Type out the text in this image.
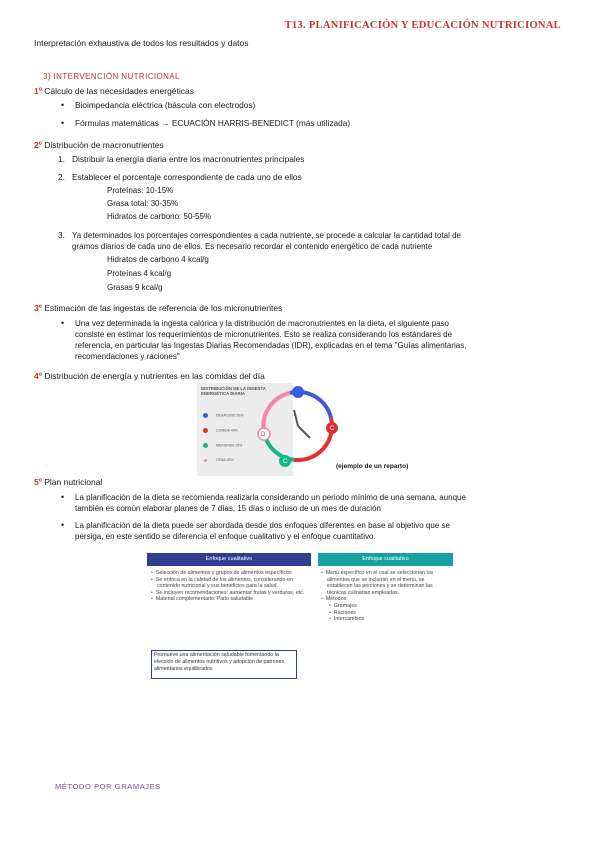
T13. PLANIFICACIÓN Y EDUCACIÓN NUTRICIONAL
Interpretación exhaustiva de todos los resultados y datos
3) INTERVENCIÓN NUTRICIONAL
1º Cálculo de las necesidades energéticas
• Bioimpedancia eléctrica (báscula con electrodos)
• Fórmulas matemáticas → ECUACIÓN HARRIS-BENEDICT (más utilizada)
2º Distribución de macronutrientes
1. Distribuir la energía diaria entre los macronutrientes principales
2. Establecer el porcentaje correspondiente de cada uno de ellos
Proteínas: 10-15%
Grasa total: 30-35%
Hidratos de carbono: 50-55%
3. Ya determinados los porcentajes correspondientes a cada nutriente, se procede a calcular la cantidad total de
gramos diarios de cada uno de ellos. Es necesario recordar el contenido energético de cada nutriente
Hidratos de carbono 4 kcal/g
Proteínas 4 kcal/g
Grasas 9 kcal/g
3º Estimación de las ingestas de referencia de los micronutrientes
• Una vez determinada la ingesta calórica y la distribución de macronutrientes en la dieta, el siguiente paso
consiste en estimar los requerimientos de micronutrientes. Esto se realiza considerando los estándares de
referencia, en particular las Ingestas Diarias Recomendadas (IDR), explicadas en el tema "Guías alimentarias,
recomendaciones y raciones"
4º Distribución de energía y nutrientes en las comidas del día
DISTRIBUCIÓN DE LA INGESTA ENERGÉTICA DIARIA
DESAYUNO 20%
COMIDA 40%
MERIENDA 15%
CENA 25%
D
C
C
(ejemplo de un reparto)
5º Plan nutricional
• La planificación de la dieta se recomienda realizarla considerando un periodo mínimo de una semana, aunque
también es común elaborar planes de 7 días, 15 días o incluso de un mes de duración
• La planificación de la dieta puede ser abordada desde dos enfoques diferentes en base al objetivo que se
persiga, en este sentido se diferencia el enfoque cualitativo y el enfoque cuantitativo.
Enfoque cualitativo	Enfoque cualitativo
• Selección de alimentos y grupos de alimentos específicos
• Se enfoca en la calidad de los alimentos, considerando en contenido nutricional y sus beneficios para la salud.
• Se incluyen recomendaciones: aumentar frutas y verduras, etc.
• Material complementario: Plato saludable
• Menú específico en el cual se seleccionan los alimentos que se incluirán en el menú, se establecen las porciones y se determinan las técnicas culinarias empleadas.
• Métodos:
• Gramajes
• Raciones
• Intercambios
Promueve una alimentación saludable fomentando la elección de alimentos nutritivos y adopción de patrones alimentarios equilibrados
MÉTODO POR GRAMAJES
